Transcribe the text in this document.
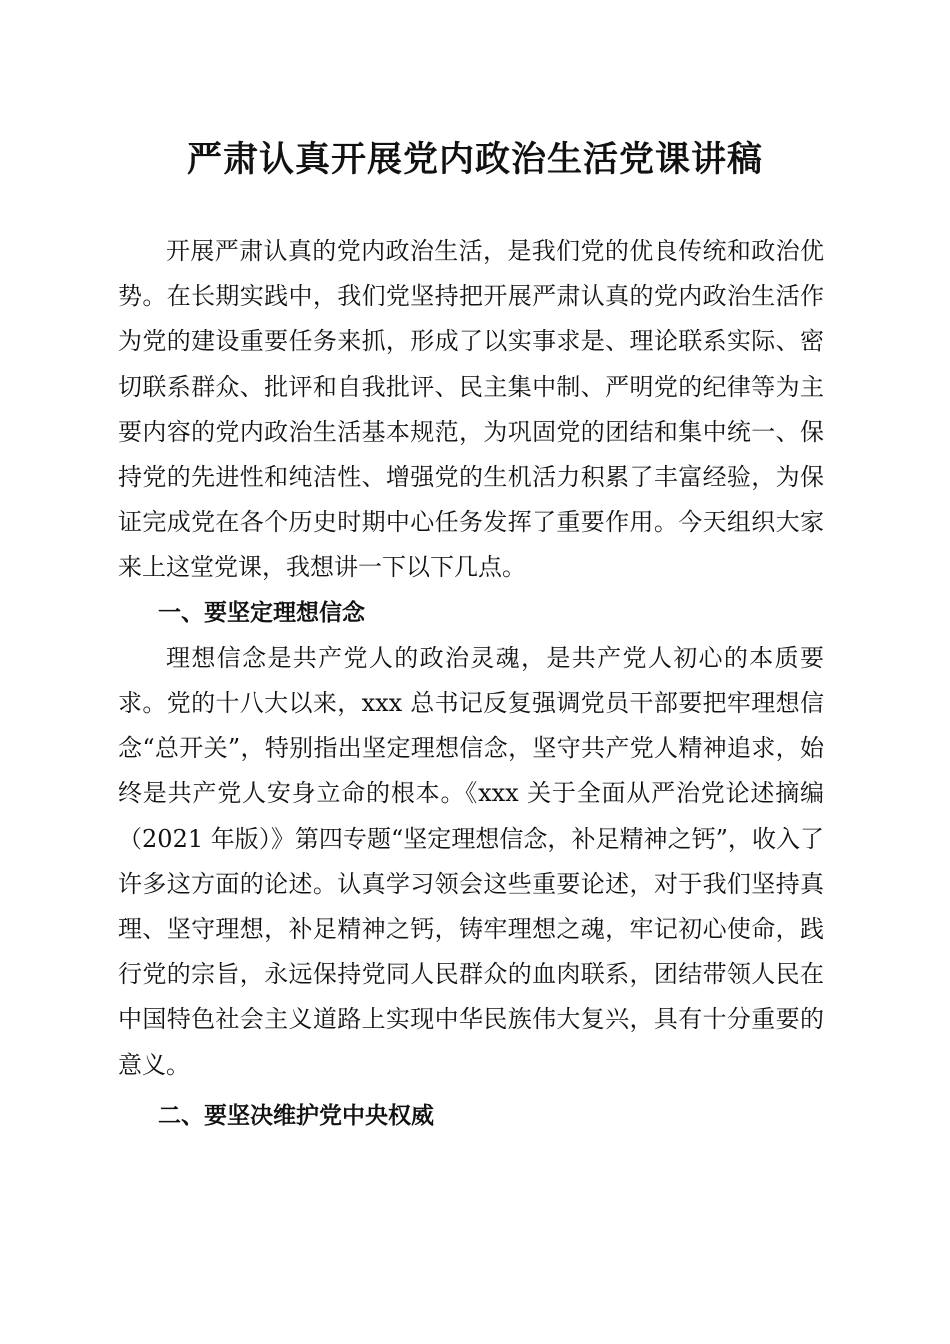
严肃认真开展党内政治生活党课讲稿

开展严肃认真的党内政治生活，是我们党的优良传统和政治优势。在长期实践中，我们党坚持把开展严肃认真的党内政治生活作为党的建设重要任务来抓，形成了以实事求是、理论联系实际、密切联系群众、批评和自我批评、民主集中制、严明党的纪律等为主要内容的党内政治生活基本规范，为巩固党的团结和集中统一、保持党的先进性和纯洁性、增强党的生机活力积累了丰富经验，为保证完成党在各个历史时期中心任务发挥了重要作用。今天组织大家来上这堂党课，我想讲一下以下几点。

一、要坚定理想信念

理想信念是共产党人的政治灵魂，是共产党人初心的本质要求。党的十八大以来，xxx 总书记反复强调党员干部要把牢理想信念“总开关”，特别指出坚定理想信念，坚守共产党人精神追求，始终是共产党人安身立命的根本。《xxx 关于全面从严治党论述摘编（2021 年版）》第四专题“坚定理想信念，补足精神之钙”，收入了许多这方面的论述。认真学习领会这些重要论述，对于我们坚持真理、坚守理想，补足精神之钙，铸牢理想之魂，牢记初心使命，践行党的宗旨，永远保持党同人民群众的血肉联系，团结带领人民在中国特色社会主义道路上实现中华民族伟大复兴，具有十分重要的意义。

二、要坚决维护党中央权威
